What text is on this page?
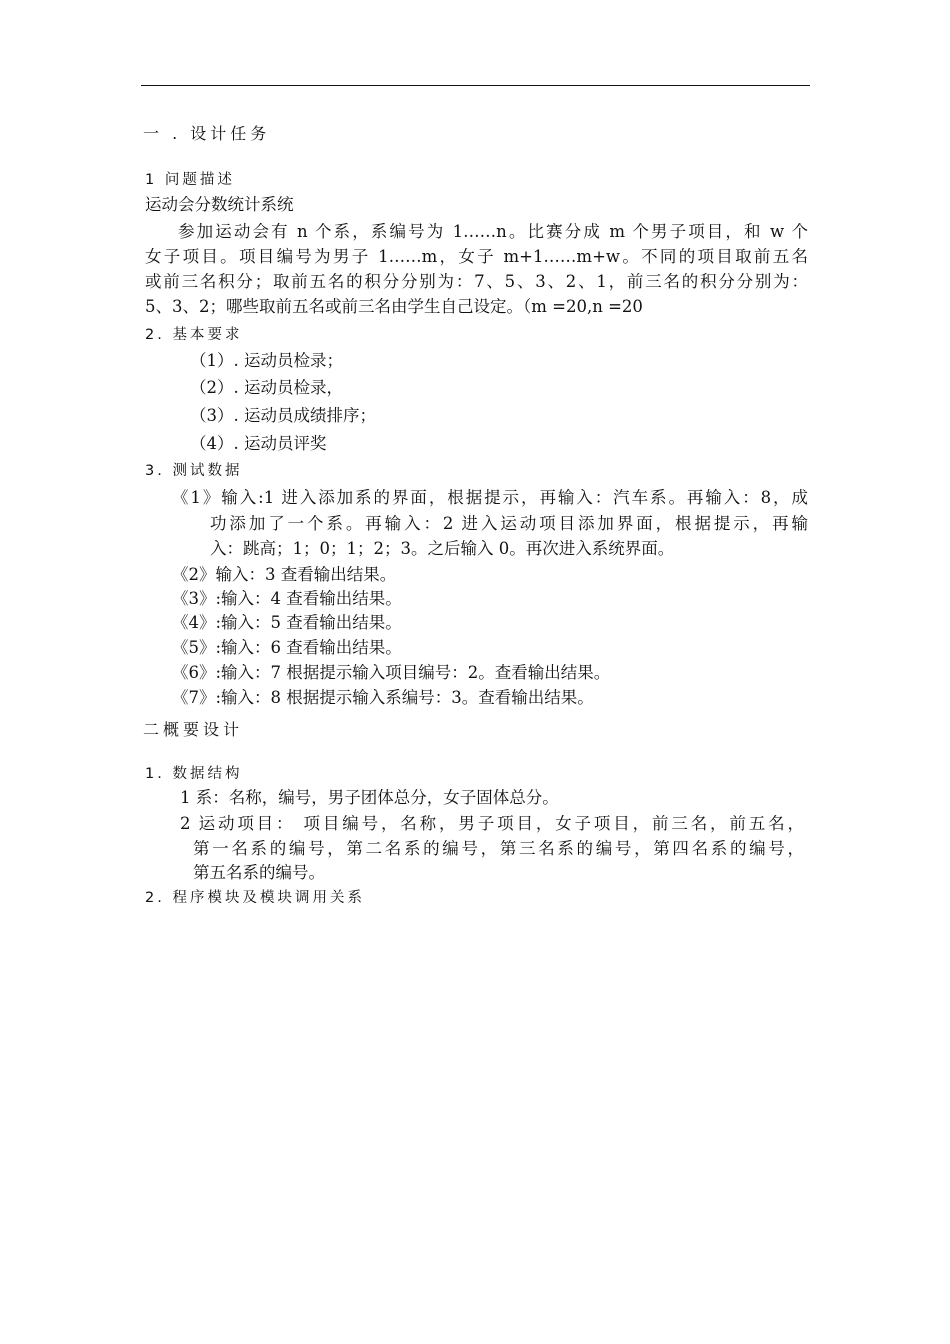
一 . 设计任务
1 问题描述
运动会分数统计系统
参加运动会有 n 个系，系编号为 1……n。比赛分成 m 个男子项目，和 w 个
女子项目。项目编号为男子 1……m，女子 m+1……m+w。不同的项目取前五名
或前三名积分；取前五名的积分分别为：7、5、3、2、1，前三名的积分分别为：
5、3、2；哪些取前五名或前三名由学生自己设定。（m =20,n =20
2. 基本要求
（1）. 运动员检录；
（2）. 运动员检录，
（3）. 运动员成绩排序；
（4）. 运动员评奖
3. 测试数据
《1》输入:1 进入添加系的界面，根据提示，再输入：汽车系。再输入：8，成
功添加了一个系。再输入：2 进入运动项目添加界面，根据提示，再输
入：跳高；1；0；1；2；3。之后输入 0。再次进入系统界面。
《2》输入：3 查看输出结果。
《3》:输入：4 查看输出结果。
《4》:输入：5 查看输出结果。
《5》:输入：6 查看输出结果。
《6》:输入：7 根据提示输入项目编号：2。查看输出结果。
《7》:输入：8 根据提示输入系编号：3。查看输出结果。
二概要设计
1. 数据结构
1 系：名称，编号，男子团体总分，女子固体总分。
2 运动项目： 项目编号，名称，男子项目，女子项目，前三名，前五名，
第一名系的编号，第二名系的编号，第三名系的编号，第四名系的编号，
第五名系的编号。
2. 程序模块及模块调用关系
